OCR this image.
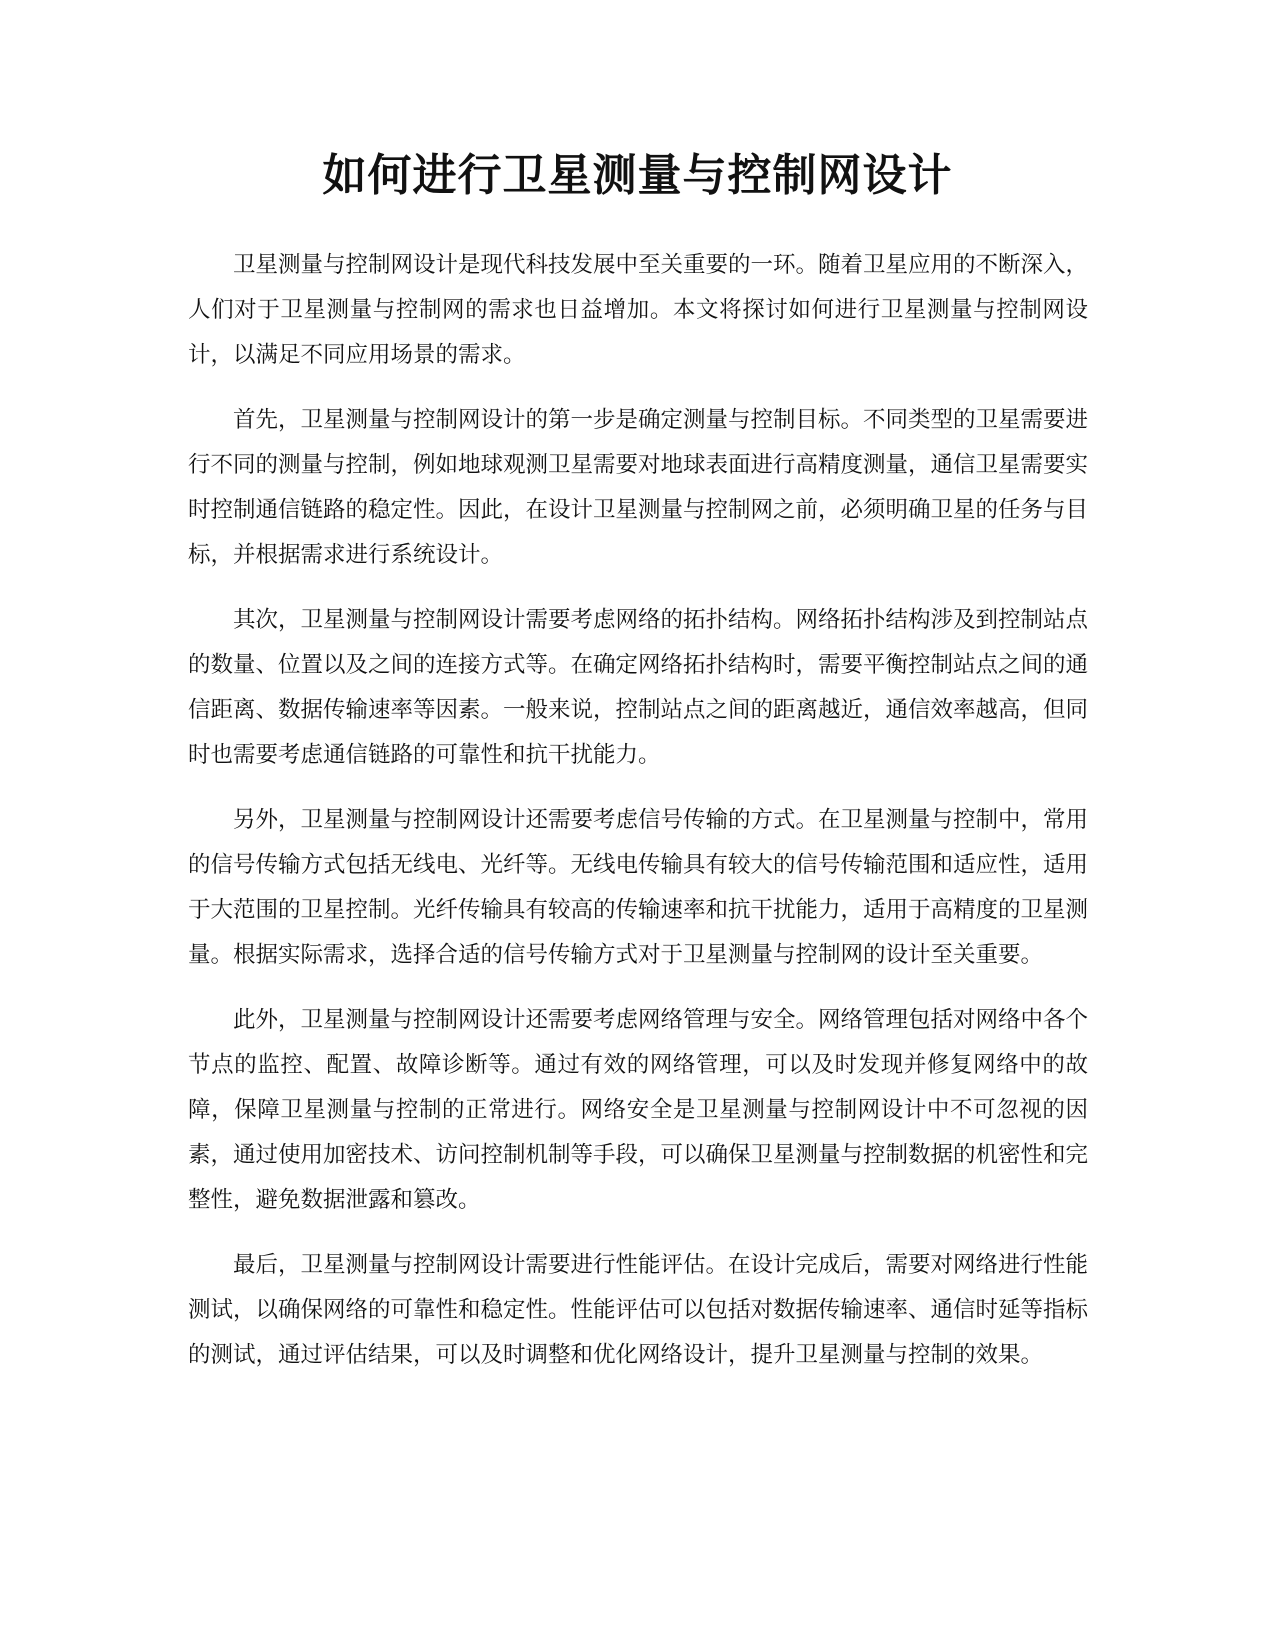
如何进行卫星测量与控制网设计

卫星测量与控制网设计是现代科技发展中至关重要的一环。随着卫星应用的不断深入，人们对于卫星测量与控制网的需求也日益增加。本文将探讨如何进行卫星测量与控制网设计，以满足不同应用场景的需求。

首先，卫星测量与控制网设计的第一步是确定测量与控制目标。不同类型的卫星需要进行不同的测量与控制，例如地球观测卫星需要对地球表面进行高精度测量，通信卫星需要实时控制通信链路的稳定性。因此，在设计卫星测量与控制网之前，必须明确卫星的任务与目标，并根据需求进行系统设计。

其次，卫星测量与控制网设计需要考虑网络的拓扑结构。网络拓扑结构涉及到控制站点的数量、位置以及之间的连接方式等。在确定网络拓扑结构时，需要平衡控制站点之间的通信距离、数据传输速率等因素。一般来说，控制站点之间的距离越近，通信效率越高，但同时也需要考虑通信链路的可靠性和抗干扰能力。

另外，卫星测量与控制网设计还需要考虑信号传输的方式。在卫星测量与控制中，常用的信号传输方式包括无线电、光纤等。无线电传输具有较大的信号传输范围和适应性，适用于大范围的卫星控制。光纤传输具有较高的传输速率和抗干扰能力，适用于高精度的卫星测量。根据实际需求，选择合适的信号传输方式对于卫星测量与控制网的设计至关重要。

此外，卫星测量与控制网设计还需要考虑网络管理与安全。网络管理包括对网络中各个节点的监控、配置、故障诊断等。通过有效的网络管理，可以及时发现并修复网络中的故障，保障卫星测量与控制的正常进行。网络安全是卫星测量与控制网设计中不可忽视的因素，通过使用加密技术、访问控制机制等手段，可以确保卫星测量与控制数据的机密性和完整性，避免数据泄露和篡改。

最后，卫星测量与控制网设计需要进行性能评估。在设计完成后，需要对网络进行性能测试，以确保网络的可靠性和稳定性。性能评估可以包括对数据传输速率、通信时延等指标的测试，通过评估结果，可以及时调整和优化网络设计，提升卫星测量与控制的效果。
